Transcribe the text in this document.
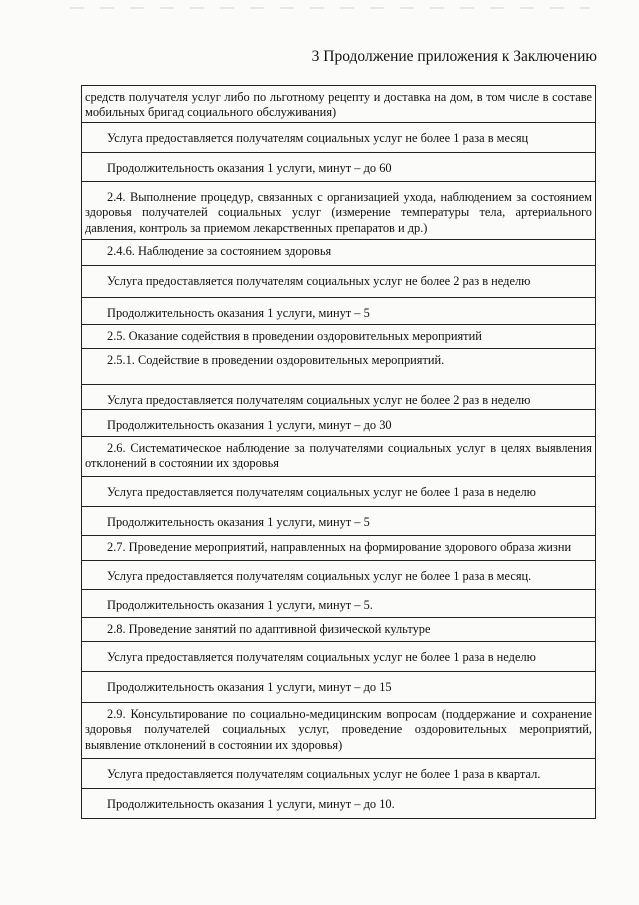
3 Продолжение приложения к Заключению
средств получателя услуг либо по льготному рецепту и доставка на дом, в том числе в составе мобильных бригад социального обслуживания)
Услуга предоставляется получателям социальных услуг не более 1 раза в месяц
Продолжительность оказания 1 услуги, минут – до 60
2.4. Выполнение процедур, связанных с организацией ухода, наблюдением за состоянием здоровья получателей социальных услуг (измерение температуры тела, артериального давления, контроль за приемом лекарственных препаратов и др.)
2.4.6. Наблюдение за состоянием здоровья
Услуга предоставляется получателям социальных услуг не более 2 раз в неделю
Продолжительность оказания 1 услуги, минут – 5
2.5. Оказание содействия в проведении оздоровительных мероприятий
2.5.1. Содействие в проведении оздоровительных мероприятий.
Услуга предоставляется получателям социальных услуг не более 2 раз в неделю
Продолжительность оказания 1 услуги, минут – до 30
2.6. Систематическое наблюдение за получателями социальных услуг в целях выявления отклонений в состоянии их здоровья
Услуга предоставляется получателям социальных услуг не более 1 раза в неделю
Продолжительность оказания 1 услуги, минут – 5
2.7. Проведение мероприятий, направленных на формирование здорового образа жизни
Услуга предоставляется получателям социальных услуг не более 1 раза в месяц.
Продолжительность оказания 1 услуги, минут – 5.
2.8. Проведение занятий по адаптивной физической культуре
Услуга предоставляется получателям социальных услуг не более 1 раза в неделю
Продолжительность оказания 1 услуги, минут – до 15
2.9. Консультирование по социально-медицинским вопросам (поддержание и сохранение здоровья получателей социальных услуг, проведение оздоровительных мероприятий, выявление отклонений в состоянии их здоровья)
Услуга предоставляется получателям социальных услуг не более 1 раза в квартал.
Продолжительность оказания 1 услуги, минут – до 10.
